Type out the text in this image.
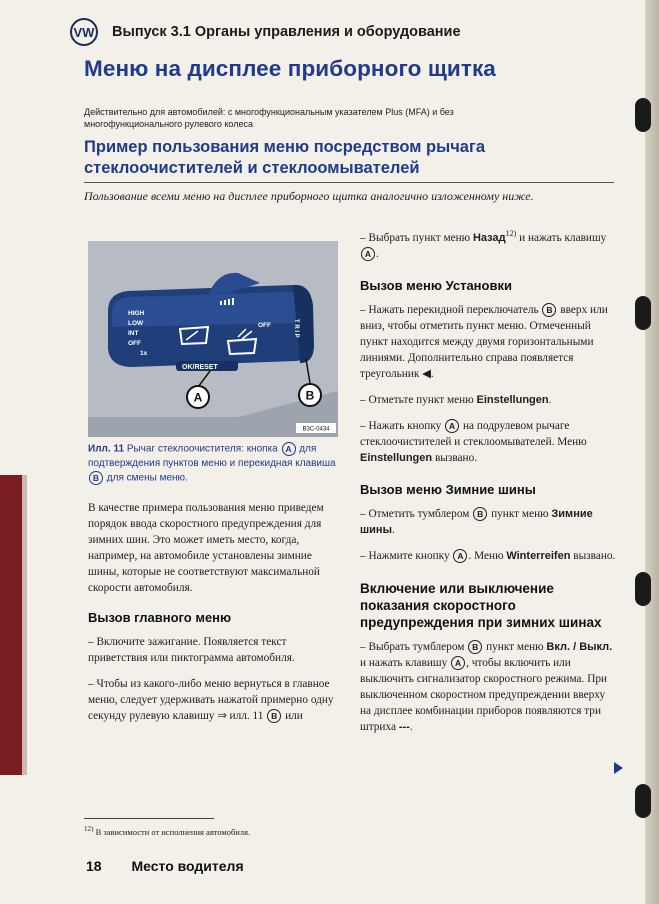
VW Выпуск 3.1 Органы управления и оборудование
Меню на дисплее приборного щитка
Действительно для автомобилей: с многофункциональным указателем Plus (MFA) и без многофункционального рулевого колеса
Пример пользования меню посредством рычага стеклоочистителей и стеклоомывателей
Пользование всеми меню на дисплее приборного щитка аналогично изложенному ниже.
HIGH
LOW
INT
OFF
1x
OFF	T R I P
OK/RESET
A	B
B3C-0434
Илл. 11 Рычаг стеклоочистителя: кнопка A для подтверждения пунктов меню и перекидная клавиша B для смены меню.

В качестве примера пользования меню приведем порядок ввода скоростного предупреждения для зимних шин. Это может иметь место, когда, например, на автомобиле установлены зимние шины, которые не соответствуют максимальной скорости автомобиля.

Вызов главного меню

– Включите зажигание. Появляется текст приветствия или пиктограмма автомобиля.

– Чтобы из какого-либо меню вернуться в главное меню, следует удерживать нажатой примерно одну секунду рулевую клавишу ⇒ илл. 11 B или

– Выбрать пункт меню Назад$^{12)}$ и нажать клавишу A .

Вызов меню Установки

– Нажать перекидной переключатель B вверх или вниз, чтобы отметить пункт меню. Отмеченный пункт находится между двумя горизонтальными линиями. Дополнительно справа появляется треугольник ◀.

– Отметьте пункт меню Einstellungen.

– Нажать кнопку A на подрулевом рычаге стеклоочистителей и стеклоомывателей. Меню Einstellungen вызвано.

Вызов меню Зимние шины

– Отметить тумблером B пункт меню Зимние шины.

– Нажмите кнопку A . Меню Winterreifen вызвано.

Включение или выключение показания скоростного предупреждения при зимних шинах

– Выбрать тумблером B пункт меню Вкл. / Выкл. и нажать клавишу A , чтобы включить или выключить сигнализатор скоростного режима. При выключенном скоростном предупреждении вверху на дисплее комбинации приборов появляются три штриха ---.

$^{12)}$ В зависимости от исполнения автомобиля.
18 Место водителя
